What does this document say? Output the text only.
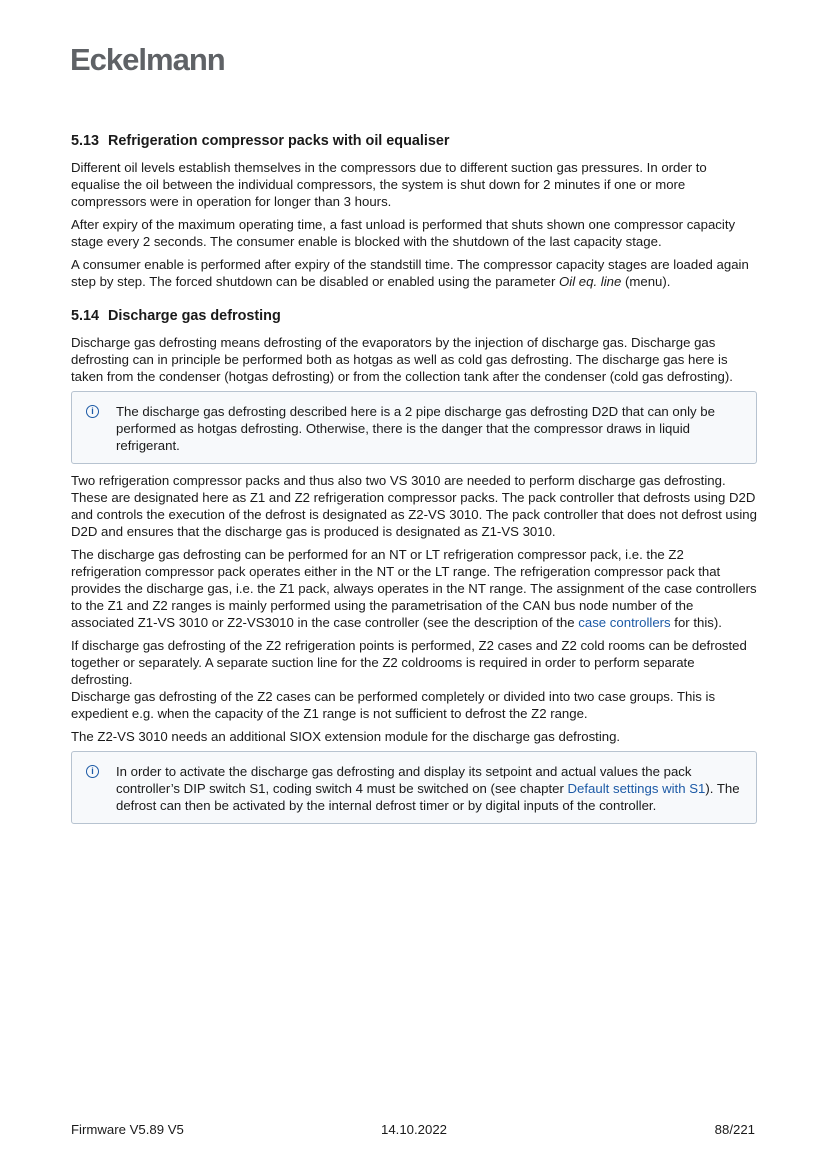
Eckelmann
5.13 Refrigeration compressor packs with oil equaliser

Different oil levels establish themselves in the compressors due to different suction gas pressures. In order to equalise the oil between the individual compressors, the system is shut down for 2 minutes if one or more compressors were in operation for longer than 3 hours.

After expiry of the maximum operating time, a fast unload is performed that shuts shown one compressor capacity stage every 2 seconds. The consumer enable is blocked with the shutdown of the last capacity stage.

A consumer enable is performed after expiry of the standstill time. The compressor capacity stages are loaded again step by step. The forced shutdown can be disabled or enabled using the parameter Oil eq. line (menu).

5.14 Discharge gas defrosting

Discharge gas defrosting means defrosting of the evaporators by the injection of discharge gas. Discharge gas defrosting can in principle be performed both as hotgas as well as cold gas defrosting. The discharge gas here is taken from the condenser (hotgas defrosting) or from the collection tank after the condenser (cold gas defrosting).

i	The discharge gas defrosting described here is a 2 pipe discharge gas defrosting D2D that can only be performed as hotgas defrosting. Otherwise, there is the danger that the compressor draws in liquid refrigerant.

Two refrigeration compressor packs and thus also two VS 3010 are needed to perform discharge gas defrosting. These are designated here as Z1 and Z2 refrigeration compressor packs. The pack controller that defrosts using D2D and controls the execution of the defrost is designated as Z2-VS 3010. The pack controller that does not defrost using D2D and ensures that the discharge gas is produced is designated as Z1-VS 3010.

The discharge gas defrosting can be performed for an NT or LT refrigeration compressor pack, i.e. the Z2 refrigeration compressor pack operates either in the NT or the LT range. The refrigeration compressor pack that provides the discharge gas, i.e. the Z1 pack, always operates in the NT range. The assignment of the case controllers to the Z1 and Z2 ranges is mainly performed using the parametrisation of the CAN bus node number of the associated Z1-VS 3010 or Z2-VS3010 in the case controller (see the description of the case controllers for this).

If discharge gas defrosting of the Z2 refrigeration points is performed, Z2 cases and Z2 cold rooms can be defrosted together or separately. A separate suction line for the Z2 coldrooms is required in order to perform separate defrosting.
Discharge gas defrosting of the Z2 cases can be performed completely or divided into two case groups. This is expedient e.g. when the capacity of the Z1 range is not sufficient to defrost the Z2 range.

The Z2-VS 3010 needs an additional SIOX extension module for the discharge gas defrosting.

i	In order to activate the discharge gas defrosting and display its setpoint and actual values the pack controller’s DIP switch S1, coding switch 4 must be switched on (see chapter Default settings with S1). The defrost can then be activated by the internal defrost timer or by digital inputs of the controller.

Firmware V5.89 V5	14.10.2022	88/221
